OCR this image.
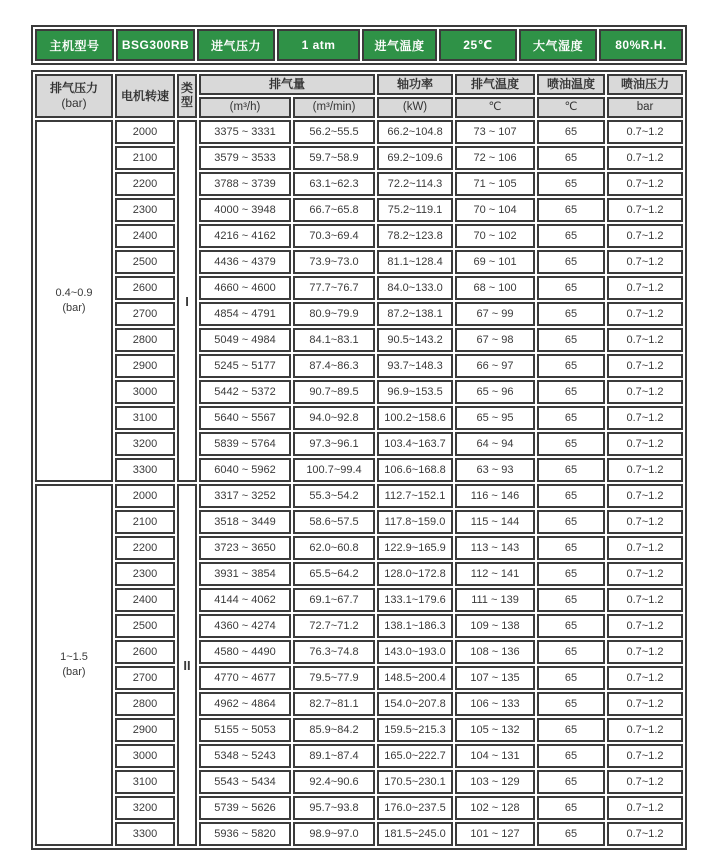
主机型号	BSG300RB	进气压力	1 atm	进气温度	25℃	大气湿度	80%R.H.
排气压力
(bar)	电机转速	类型	排气量		轴功率	排气温度	喷油温度	喷油压力
			(m³/h)	(m³/min)	(kW)	℃	℃	bar

0.4~0.9
(bar)	2000	I	3375 ~ 3331	56.2~55.5	66.2~104.8	73 ~ 107	65	0.7~1.2
	2100		3579 ~ 3533	59.7~58.9	69.2~109.6	72 ~ 106	65	0.7~1.2
	2200		3788 ~ 3739	63.1~62.3	72.2~114.3	71 ~ 105	65	0.7~1.2
	2300		4000 ~ 3948	66.7~65.8	75.2~119.1	70 ~ 104	65	0.7~1.2
	2400		4216 ~ 4162	70.3~69.4	78.2~123.8	70 ~ 102	65	0.7~1.2
	2500		4436 ~ 4379	73.9~73.0	81.1~128.4	69 ~ 101	65	0.7~1.2
	2600		4660 ~ 4600	77.7~76.7	84.0~133.0	68 ~ 100	65	0.7~1.2
	2700		4854 ~ 4791	80.9~79.9	87.2~138.1	67 ~ 99	65	0.7~1.2
	2800		5049 ~ 4984	84.1~83.1	90.5~143.2	67 ~ 98	65	0.7~1.2
	2900		5245 ~ 5177	87.4~86.3	93.7~148.3	66 ~ 97	65	0.7~1.2
	3000		5442 ~ 5372	90.7~89.5	96.9~153.5	65 ~ 96	65	0.7~1.2
	3100		5640 ~ 5567	94.0~92.8	100.2~158.6	65 ~ 95	65	0.7~1.2
	3200		5839 ~ 5764	97.3~96.1	103.4~163.7	64 ~ 94	65	0.7~1.2
	3300		6040 ~ 5962	100.7~99.4	106.6~168.8	63 ~ 93	65	0.7~1.2

1~1.5
(bar)	2000	II	3317 ~ 3252	55.3~54.2	112.7~152.1	116 ~ 146	65	0.7~1.2
	2100		3518 ~ 3449	58.6~57.5	117.8~159.0	115 ~ 144	65	0.7~1.2
	2200		3723 ~ 3650	62.0~60.8	122.9~165.9	113 ~ 143	65	0.7~1.2
	2300		3931 ~ 3854	65.5~64.2	128.0~172.8	112 ~ 141	65	0.7~1.2
	2400		4144 ~ 4062	69.1~67.7	133.1~179.6	111 ~ 139	65	0.7~1.2
	2500		4360 ~ 4274	72.7~71.2	138.1~186.3	109 ~ 138	65	0.7~1.2
	2600		4580 ~ 4490	76.3~74.8	143.0~193.0	108 ~ 136	65	0.7~1.2
	2700		4770 ~ 4677	79.5~77.9	148.5~200.4	107 ~ 135	65	0.7~1.2
	2800		4962 ~ 4864	82.7~81.1	154.0~207.8	106 ~ 133	65	0.7~1.2
	2900		5155 ~ 5053	85.9~84.2	159.5~215.3	105 ~ 132	65	0.7~1.2
	3000		5348 ~ 5243	89.1~87.4	165.0~222.7	104 ~ 131	65	0.7~1.2
	3100		5543 ~ 5434	92.4~90.6	170.5~230.1	103 ~ 129	65	0.7~1.2
	3200		5739 ~ 5626	95.7~93.8	176.0~237.5	102 ~ 128	65	0.7~1.2
	3300		5936 ~ 5820	98.9~97.0	181.5~245.0	101 ~ 127	65	0.7~1.2
